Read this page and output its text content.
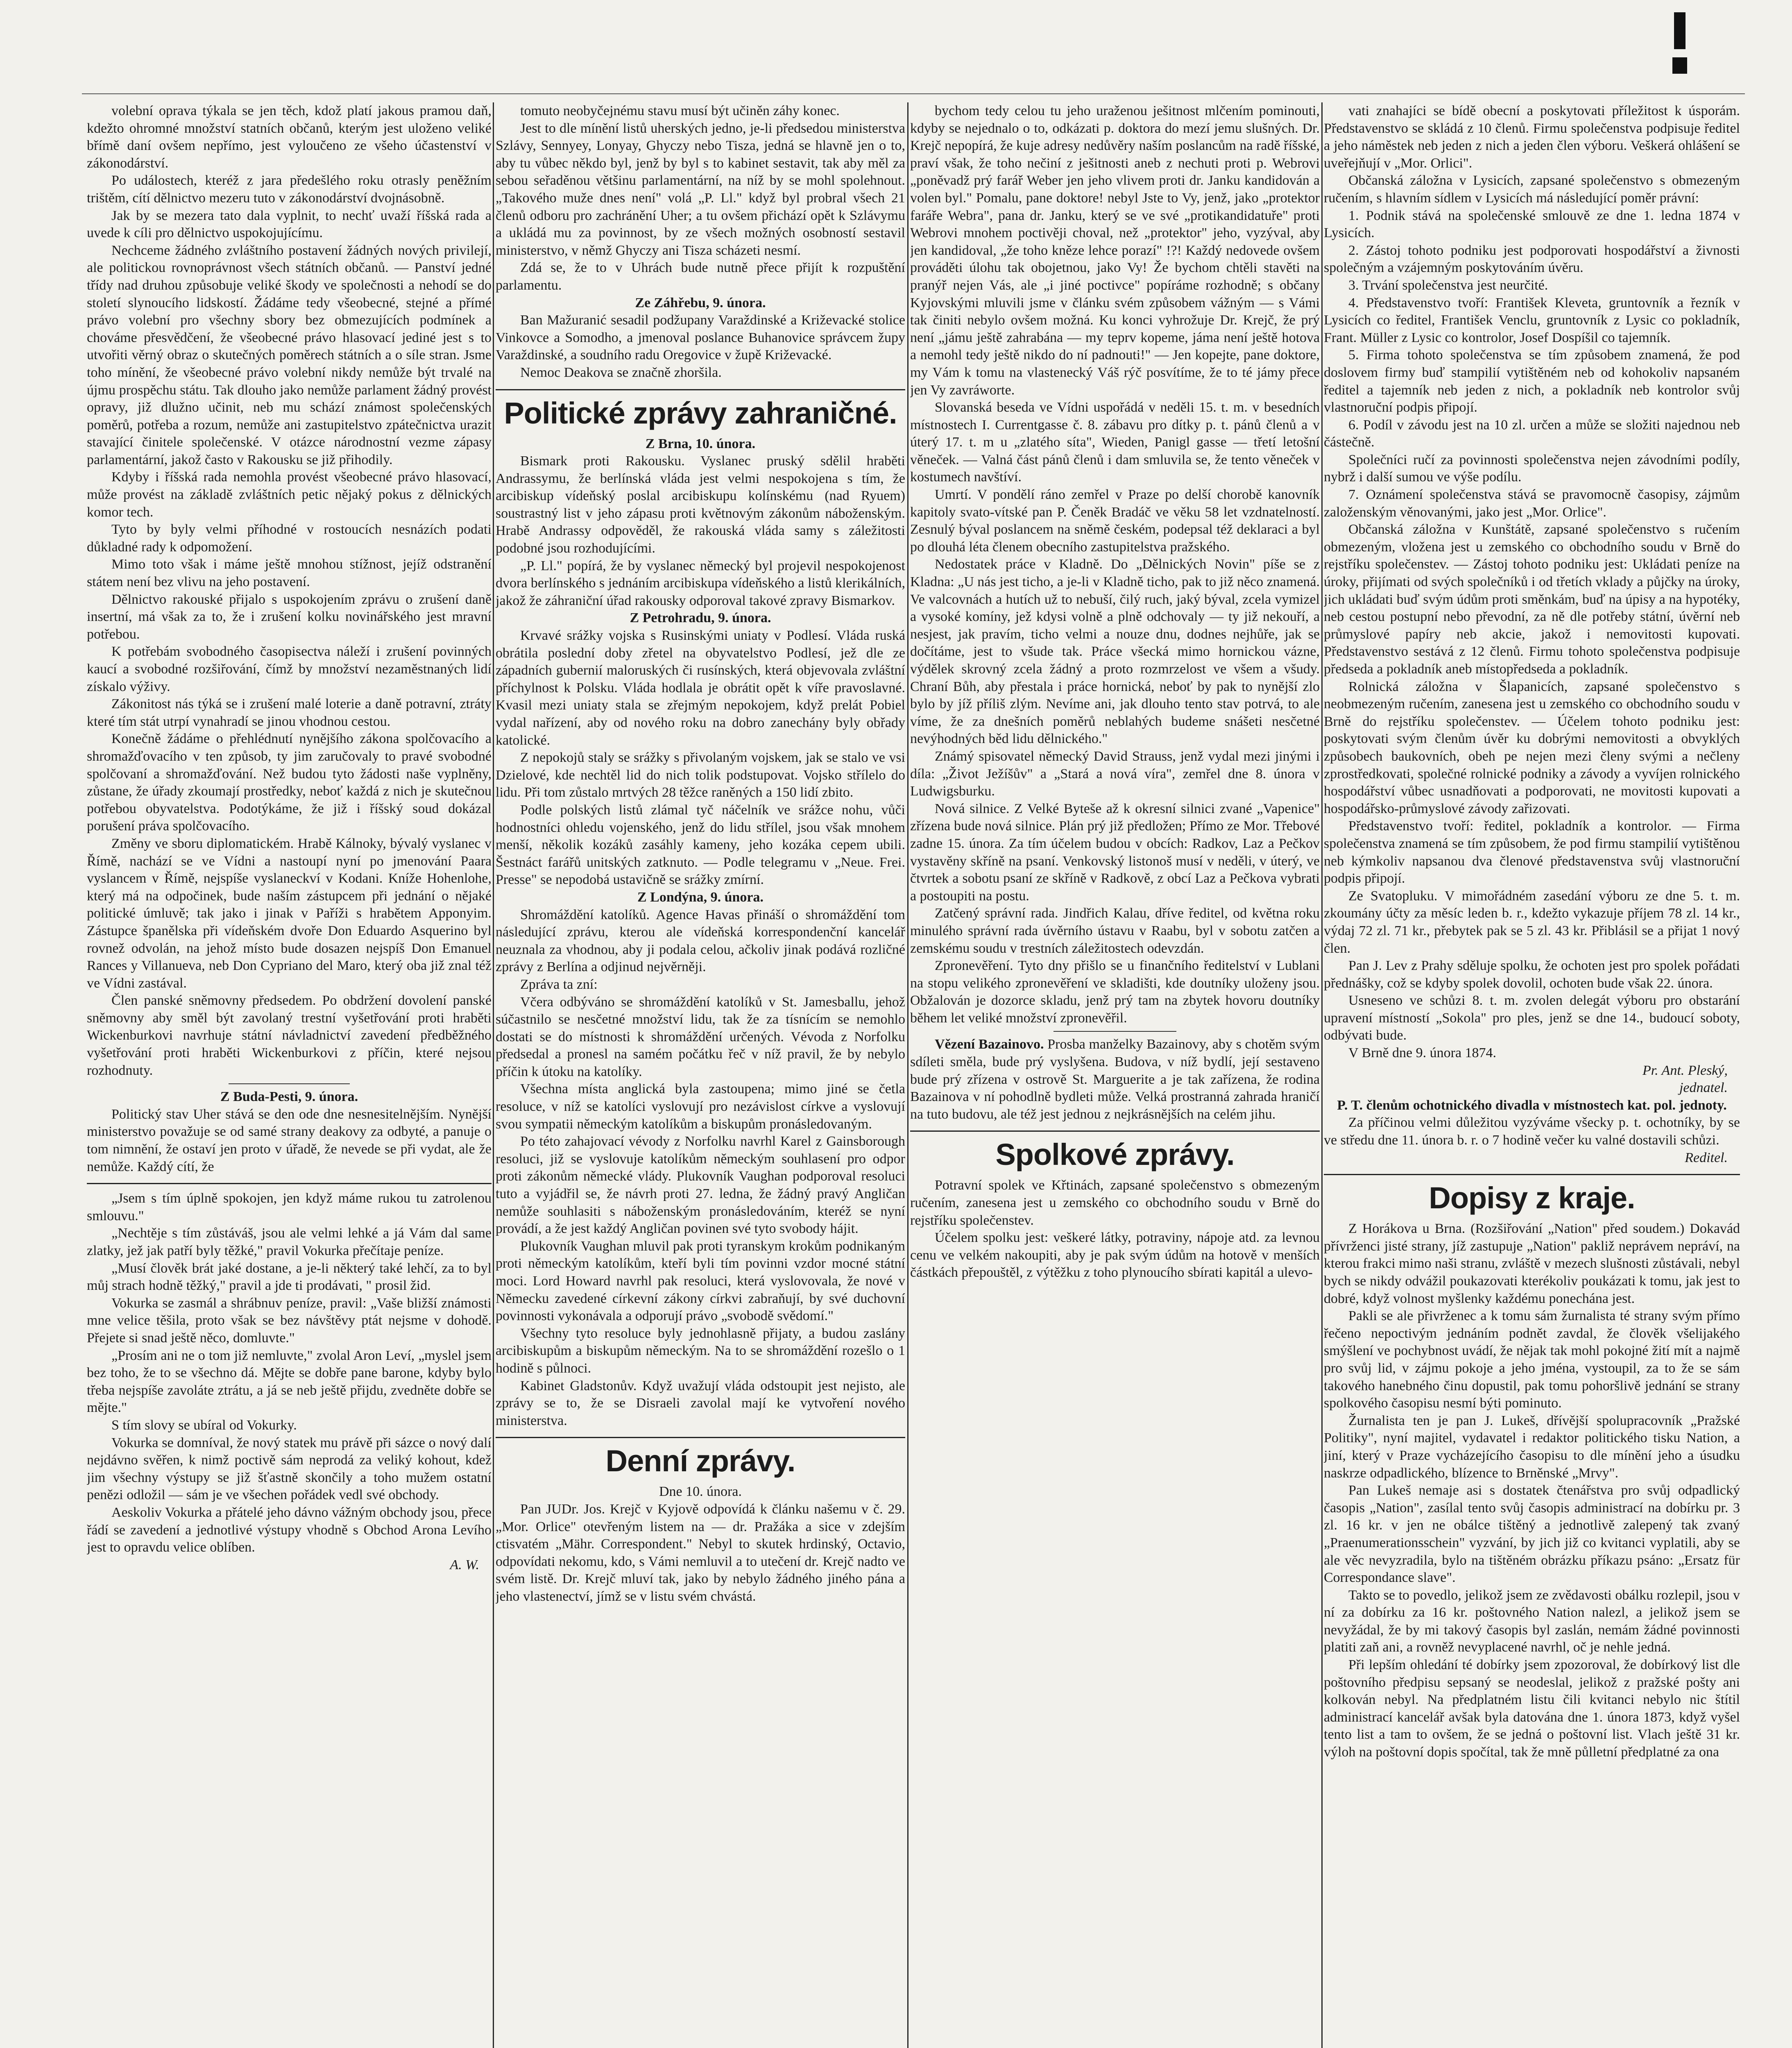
volební oprava týkala se jen těch, kdož platí jakous pramou daň, kdežto ohromné množství statních občanů, kterým jest uloženo veliké břímě daní ovšem nepřímo, jest vyloučeno ze všeho účastenství v zákonodárství.

Po událostech, kteréž z jara předešlého roku otrasly peněžním trištěm, cítí dělnictvo mezeru tuto v zákonodárství dvojnásobně.

Jak by se mezera tato dala vyplnit, to nechť uvaží říšská rada a uvede k cíli pro dělnictvo uspokojujícímu.

Nechceme žádného zvláštního postavení žádných nových privilejí, ale politickou rovnoprávnost všech státních občanů. — Panství jedné třídy nad druhou způsobuje veliké škody ve společnosti a nehodí se do století slynoucího lidskostí. Žádáme tedy všeobecné, stejné a přímé právo volební pro všechny sbory bez obmezujících podmínek a chováme přesvědčení, že všeobecné právo hlasovací jediné jest s to utvořiti věrný obraz o skutečných poměrech státních a o síle stran. Jsme toho mínění, že všeobecné právo volební nikdy nemůže být trvalé na újmu prospěchu státu. Tak dlouho jako nemůže parlament žádný provést opravy, již dlužno učinit, neb mu schází známost společenských poměrů, potřeba a rozum, nemůže ani zastupitelstvo zpátečnictva urazit stavající činitele společenské. V otázce národnostní vezme zápasy parlamentární, jakož často v Rakousku se již přihodily.

Kdyby i říšská rada nemohla provést všeobecné právo hlasovací, může provést na základě zvláštních petic nějaký pokus z dělnických komor tech.

Tyto by byly velmi příhodné v rostoucích nesnázích podati důkladné rady k odpomožení.

Mimo toto však i máme ještě mnohou stížnost, jejíž odstranění státem není bez vlivu na jeho postavení.

Dělnictvo rakouské přijalo s uspokojením zprávu o zrušení daně insertní, má však za to, že i zrušení kolku novinářského jest mravní potřebou.

K potřebám svobodného časopisectva náleží i zrušení povinných kaucí a svobodné rozšiřování, čímž by množství nezaměstnaných lidí získalo výživy.

Zákonitost nás týká se i zrušení malé loterie a daně potravní, ztráty které tím stát utrpí vynahradí se jinou vhodnou cestou.

Konečně žádáme o přehlédnutí nynějšího zákona spolčovacího a shromažďovacího v ten způsob, ty jim zaručovaly to pravé svobodné spolčovaní a shromažďování. Než budou tyto žádosti naše vyplněny, zůstane, že úřady zkoumají prostředky, neboť každá z nich je skutečnou potřebou obyvatelstva. Podotýkáme, že již i říšský soud dokázal porušení práva spolčovacího.

Změny ve sboru diplomatickém. Hrabě Kálnoky, bývalý vyslanec v Římě, nachází se ve Vídni a nastoupí nyní po jmenování Paara vyslancem v Římě, nejspíše vyslaneckví v Kodani. Kníže Hohenlohe, který má na odpočinek, bude naším zástupcem při jednání o nějaké politické úmluvě; tak jako i jinak v Paříži s hrabětem Apponyim. Zástupce španělska při vídeňském dvoře Don Eduardo Asquerino byl rovnež odvolán, na jehož místo bude dosazen nejspíš Don Emanuel Rances y Villanueva, neb Don Cypriano del Maro, který oba již znal též ve Vídni zastával.

Člen panské sněmovny předsedem. Po obdržení dovolení panské sněmovny aby směl být zavolaný trestní vyšetřování proti hraběti Wickenburkovi navrhuje státní návladnictví zavedení předběžného vyšetřování proti hraběti Wickenburkovi z příčin, které nejsou rozhodnuty.

Z Buda-Pesti, 9. února.

Politický stav Uher stává se den ode dne nesnesitelnějším. Nynější ministerstvo považuje se od samé strany deakovy za odbyté, a panuje o tom nimnění, že ostaví jen proto v úřadě, že nevede se při vydat, ale že nemůže. Každý cítí, že

„Jsem s tím úplně spokojen, jen když máme rukou tu zatrolenou smlouvu."

„Nechtěje s tím zůstáváš, jsou ale velmi lehké a já Vám dal same zlatky, jež jak patří byly těžké," pravil Vokurka přečítaje peníze.

„Musí člověk brát jaké dostane, a je-li některý také lehčí, za to byl můj strach hodně těžký," pravil a jde ti prodávati, " prosil žid.

Vokurka se zasmál a shrábnuv peníze, pravil: „Vaše bližší známosti mne velice těšila, proto však se bez návštěvy ptát nejsme v dohodě. Přejete si snad ještě něco, domluvte."

„Prosím ani ne o tom již nemluvte," zvolal Aron Leví, „myslel jsem bez toho, že to se všechno dá. Mějte se dobře pane barone, kdyby bylo třeba nejspíše zavoláte ztrátu, a já se neb ještě přijdu, zvedněte dobře se mějte."

S tím slovy se ubíral od Vokurky.

Vokurka se domníval, že nový statek mu právě při sázce o nový dalí nejdávno svěřen, k nimž poctivě sám neprodá za veliký kohout, kdež jim všechny výstupy se již šťastně skončily a toho mužem ostatní penězi odložil — sám je ve všechen pořádek vedl své obchody.

Aeskoliv Vokurka a přátelé jeho dávno vážným obchody jsou, přece řádí se zavedení a jednotlivé výstupy vhodně s Obchod Arona Levího jest to opravdu velice oblíben.

A. W.

tomuto neobyčejnému stavu musí být učiněn záhy konec.

Jest to dle mínění listů uherských jedno, je-li předsedou ministerstva Szlávy, Sennyey, Lonyay, Ghyczy nebo Tisza, jedná se hlavně jen o to, aby tu vůbec někdo byl, jenž by byl s to kabinet sestavit, tak aby měl za sebou seřaděnou většinu parlamentární, na níž by se mohl spolehnout. „Takového muže dnes není" volá „P. Ll." když byl probral všech 21 členů odboru pro zachránění Uher; a tu ovšem přichází opět k Szlávymu a ukládá mu za povinnost, by ze všech možných osobností sestavil ministerstvo, v němž Ghyczy ani Tisza scházeti nesmí.

Zdá se, že to v Uhrách bude nutně přece přijít k rozpuštění parlamentu.

Ze Záhřebu, 9. února.

Ban Mažuranić sesadil podžupany Varaždinské a Križevacké stolice Vinkovce a Somodho, a jmenoval poslance Buhanovice správcem župy Varaždinské, a soudního radu Oregovice v župě Križevacké.

Nemoc Deakova se značně zhoršila.

Politické zprávy zahraničné.
Z Brna, 10. února.

Bismark proti Rakousku. Vyslanec pruský sdělil hraběti Andrassymu, že berlínská vláda jest velmi nespokojena s tím, že arcibiskup vídeňský poslal arcibiskupu kolínskému (nad Ryuem) soustrastný list v jeho zápasu proti květnovým zákonům náboženským. Hrabě Andrassy odpověděl, že rakouská vláda samy s záležitosti podobné jsou rozhodujícími.

„P. Ll." popírá, že by vyslanec německý byl projevil nespokojenost dvora berlínského s jednáním arcibiskupa vídeňského a listů klerikálních, jakož že záhraniční úřad rakousky odporoval takové zpravy Bismarkov.

Z Petrohradu, 9. února.

Krvavé srážky vojska s Rusinskými uniaty v Podlesí. Vláda ruská obrátila poslední doby zřetel na obyvatelstvo Podlesí, jež dle ze západních gubernií maloruských či rusínských, která objevovala zvláštní příchylnost k Polsku. Vláda hodlala je obrátit opět k víře pravoslavné. Kvasil mezi uniaty stala se zřejmým nepokojem, když prelát Pobiel vydal nařízení, aby od nového roku na dobro zanechány byly obřady katolické.

Z nepokojů staly se srážky s přivolaným vojskem, jak se stalo ve vsi Dzielové, kde nechtěl lid do nich tolik podstupovat. Vojsko střílelo do lidu. Při tom zůstalo mrtvých 28 těžce raněných a 150 lidí zbito.

Podle polských listů zlámal tyč náčelník ve srážce nohu, vůči hodnostníci ohledu vojenského, jenž do lidu střílel, jsou však mnohem menší, několik kozáků zasáhly kameny, jeho kozáka cepem ubili. Šestnáct farářů unitských zatknuto. — Podle telegramu v „Neue. Frei. Presse" se nepodobá ustavičně se srážky zmírní.

Z Londýna, 9. února.

Shromáždění katolíků. Agence Havas přináší o shromáždění tom následující zprávu, kterou ale vídeňská korrespondenční kancelář neuznala za vhodnou, aby ji podala celou, ačkoliv jinak podává rozličné zprávy z Berlína a odjinud nejvěrněji.

Zpráva ta zní:

Včera odbýváno se shromáždění katolíků v St. Jamesballu, jehož súčastnilo se nesčetné množství lidu, tak že za tísnícím se nemohlo dostati se do místnosti k shromáždění určených. Vévoda z Norfolku předsedal a pronesl na samém počátku řeč v níž pravil, že by nebylo příčin k útoku na katolíky.

Všechna místa anglická byla zastoupena; mimo jiné se četla resoluce, v níž se katolíci vyslovují pro nezávislost církve a vyslovují svou sympatii německým katolíkům a biskupům pronásledovaným.

Po této zahajovací vévody z Norfolku navrhl Karel z Gainsborough resoluci, již se vyslovuje katolíkům německým souhlasení pro odpor proti zákonům německé vlády. Plukovník Vaughan podporoval resoluci tuto a vyjádřil se, že návrh proti 27. ledna, že žádný pravý Angličan nemůže souhlasiti s náboženským pronásledováním, kteréž se nyní provádí, a že jest každý Angličan povinen své tyto svobody hájit.

Plukovník Vaughan mluvil pak proti tyranskym krokům podnikaným proti německým katolíkům, kteří byli tím povinni vzdor mocné státní moci. Lord Howard navrhl pak resoluci, která vyslovovala, že nové v Německu zavedené církevní zákony církvi zabraňují, by své duchovní povinnosti vykonávala a odporují právo „svobodě svědomí."

Všechny tyto resoluce byly jednohlasně přijaty, a budou zaslány arcibiskupům a biskupům německým. Na to se shromáždění rozešlo o 1 hodině s půlnoci.

Kabinet Gladstonův. Když uvažují vláda odstoupit jest nejisto, ale zprávy se to, že se Disraeli zavolal mají ke vytvoření nového ministerstva.

Denní zprávy.
Dne 10. února.

Pan JUDr. Jos. Krejč v Kyjově odpovídá k článku našemu v č. 29. „Mor. Orlice" otevřeným listem na — dr. Pražáka a sice v zdejším ctisvatém „Mähr. Correspondent." Nebyl to skutek hrdinský, Octavio, odpovídati nekomu, kdo, s Vámi nemluvil a to utečení dr. Krejč nadto ve svém listě. Dr. Krejč mluví tak, jako by nebylo žádného jiného pána a jeho vlastenectví, jímž se v listu svém chvástá.

bychom tedy celou tu jeho uraženou ješitnost mlčením pominouti, kdyby se nejednalo o to, odkázati p. doktora do mezí jemu slušných. Dr. Krejč nepopírá, že kuje adresy nedůvěry naším poslancům na radě říšské, praví však, že toho nečiní z ješitnosti aneb z nechuti proti p. Webrovi „poněvadž prý farář Weber jen jeho vlivem proti dr. Janku kandidován a volen byl." Pomalu, pane doktore! nebyl Jste to Vy, jenž, jako „protektor faráře Webra", pana dr. Janku, který se ve své „protikandidatuře" proti Webrovi mnohem poctivěji choval, než „protektor" jeho, vyzýval, aby jen kandidoval, „že toho kněze lehce porazí" !?! Každý nedovede ovšem prováděti úlohu tak obojetnou, jako Vy! Že bychom chtěli stavěti na pranýř nejen Vás, ale „i jiné poctivce" popíráme rozhodně; s občany Kyjovskými mluvili jsme v článku svém způsobem vážným — s Vámi tak činiti nebylo ovšem možná. Ku konci vyhrožuje Dr. Krejč, že prý není „jámu ještě zahrabána — my teprv kopeme, jáma není ještě hotova a nemohl tedy ještě nikdo do ní padnouti!" — Jen kopejte, pane doktore, my Vám k tomu na vlastenecký Váš rýč posvítíme, že to té jámy přece jen Vy zavráworte.

Slovanská beseda ve Vídni uspořádá v neděli 15. t. m. v besedních místnostech I. Currentgasse č. 8. zábavu pro dítky p. t. pánů členů a v úterý 17. t. m u „zlatého síta", Wieden, Panigl gasse — třetí letošní věneček. — Valná část pánů členů i dam smluvila se, že tento věneček v kostumech navštíví.

Umrtí. V pondělí ráno zemřel v Praze po delší chorobě kanovník kapitoly svato-vítské pan P. Čeněk Bradáč ve věku 58 let vzdnatelností. Zesnulý býval poslancem na sněmě českém, podepsal též deklaraci a byl po dlouhá léta členem obecního zastupitelstva pražského.

Nedostatek práce v Kladně. Do „Dělnických Novin" píše se z Kladna: „U nás jest ticho, a je-li v Kladně ticho, pak to již něco znamená. Ve valcovnách a hutích už to nebuší, čilý ruch, jaký býval, zcela vymizel a vysoké komíny, jež kdysi volně a plně odchovaly — ty již nekouří, a nesjest, jak pravím, ticho velmi a nouze dnu, dodnes nejhůře, jak se dočítáme, jest to všude tak. Práce všecká mimo hornickou vázne, výdělek skrovný zcela žádný a proto rozmrzelost ve všem a všudy. Chraní Bůh, aby přestala i práce hornická, neboť by pak to nynější zlo bylo by jíž příliš zlým. Nevíme ani, jak dlouho tento stav potrvá, to ale víme, že za dnešních poměrů neblahých budeme snášeti nesčetné nevýhodných běd lidu dělnického."

Známý spisovatel německý David Strauss, jenž vydal mezi jinými i díla: „Život Ježíšův" a „Stará a nová víra", zemřel dne 8. února v Ludwigsburku.

Nová silnice. Z Velké Byteše až k okresní silnici zvané „Vapenice" zřízena bude nová silnice. Plán prý již předložen; Přímo ze Mor. Třebové zadne 15. února. Za tím účelem budou v obcích: Radkov, Laz a Pečkov vystavěny skříně na psaní. Venkovský listonoš musí v neděli, v úterý, ve čtvrtek a sobotu psaní ze skříně v Radkově, z obcí Laz a Pečkova vybrati a postoupiti na postu.

Zatčený správní rada. Jindřich Kalau, dříve ředitel, od května roku minulého správní rada úvěrního ústavu v Raabu, byl v sobotu zatčen a zemskému soudu v trestních záležitostech odevzdán.

Zpronevěření. Tyto dny přišlo se u finančního ředitelství v Lublani na stopu velikého zpronevěření ve skladišti, kde doutníky uloženy jsou. Obžalován je dozorce skladu, jenž prý tam na zbytek hovoru doutníky během let veliké množství zpronevěřil.

Vězení Bazainovo. Prosba manželky Bazainovy, aby s chotěm svým sdíleti směla, bude prý vyslyšena. Budova, v níž bydlí, její sestaveno bude prý zřízena v ostrově St. Marguerite a je tak zařízena, že rodina Bazainova v ní pohodlně bydleti může. Velká prostranná zahrada hraničí na tuto budovu, ale též jest jednou z nejkrásnějších na celém jihu.

Spolkové zprávy.

Potravní spolek ve Křtinách, zapsané společenstvo s obmezeným ručením, zanesena jest u zemského co obchodního soudu v Brně do rejstříku společenstev.

Účelem spolku jest: veškeré látky, potraviny, nápoje atd. za levnou cenu ve velkém nakoupiti, aby je pak svým údům na hotově v menších částkách přepouštěl, z výtěžku z toho plynoucího sbírati kapitál a ulevo-

vati znahajíci se bídě obecní a poskytovati příležitost k úsporám. Představenstvo se skládá z 10 členů. Firmu společenstva podpisuje ředitel a jeho náměstek neb jeden z nich a jeden člen výboru. Veškerá ohlášení se uveřejňují v „Mor. Orlici".

Občanská záložna v Lysicích, zapsané společenstvo s obmezeným ručením, s hlavním sídlem v Lysicích má následující poměr právní:

1. Podnik stává na společenské smlouvě ze dne 1. ledna 1874 v Lysicích.

2. Zástoj tohoto podniku jest podporovati hospodářství a živnosti společným a vzájemným poskytováním úvěru.

3. Trvání společenstva jest neurčité.

4. Představenstvo tvoří: František Kleveta, gruntovník a řezník v Lysicích co ředitel, František Venclu, gruntovník z Lysic co pokladník, Frant. Müller z Lysic co kontrolor, Josef Dospíšil co tajemník.

5. Firma tohoto společenstva se tím způsobem znamená, že pod doslovem firmy buď stampilií vytištěném neb od kohokoliv napsaném ředitel a tajemník neb jeden z nich, a pokladník neb kontrolor svůj vlastnoruční podpis připojí.

6. Podíl v závodu jest na 10 zl. určen a může se složiti najednou neb částečně.

Společníci ručí za povinnosti společenstva nejen závodními podíly, nybrž i další sumou ve výše podílu.

7. Oznámení společenstva stává se pravomocně časopisy, zájmům založenským věnovanými, jako jest „Mor. Orlice".

Občanská záložna v Kunštátě, zapsané společenstvo s ručením obmezeným, vložena jest u zemského co obchodního soudu v Brně do rejstříku společenstev. — Zástoj tohoto podniku jest: Ukládati peníze na úroky, přijímati od svých společníků i od třetích vklady a půjčky na úroky, jich ukládati buď svým údům proti směnkám, buď na úpisy a na hypotéky, neb cestou postupní nebo převodní, za ně dle potřeby státní, úvěrní neb průmyslové papíry neb akcie, jakož i nemovitosti kupovati. Představenstvo sestává z 12 členů. Firmu tohoto společenstva podpisuje předseda a pokladník aneb místopředseda a pokladník.

Rolnická záložna v Šlapanicích, zapsané společenstvo s neobmezeným ručením, zanesena jest u zemského co obchodního soudu v Brně do rejstříku společenstev. — Účelem tohoto podniku jest: poskytovati svým členům úvěr ku dobrými nemovitosti a obvyklých způsobech baukovních, obeh pe nejen mezi členy svými a nečleny zprostředkovati, společné rolnické podniky a závody a vyvíjen rolnického hospodářství vůbec usnadňovati a podporovati, ne movitosti kupovati a hospodářsko-průmyslové závody zařizovati.

Představenstvo tvoří: ředitel, pokladník a kontrolor. — Firma společenstva znamená se tím způsobem, že pod firmu stampilií vytištěnou neb kýmkoliv napsanou dva členové představenstva svůj vlastnoruční podpis připojí.

Ze Svatopluku. V mimořádném zasedání výboru ze dne 5. t. m. zkoumány účty za měsíc leden b. r., kdežto vykazuje příjem 78 zl. 14 kr., výdaj 72 zl. 71 kr., přebytek pak se 5 zl. 43 kr. Přiblásil se a přijat 1 nový člen.

Pan J. Lev z Prahy sděluje spolku, že ochoten jest pro spolek pořádati přednášky, což se kdyby spolek dovolil, ochoten bude však 22. února.

Usneseno ve schůzi 8. t. m. zvolen delegát výboru pro obstarání upravení místností „Sokola" pro ples, jenž se dne 14., budoucí soboty, odbývati bude.

V Brně dne 9. února 1874.

Pr. Ant. Pleský,
jednatel.
P. T. členům ochotnického divadla v místnostech kat. pol. jednoty.

Za příčinou velmi důležitou vyzýváme všecky p. t. ochotníky, by se ve středu dne 11. února b. r. o 7 hodině večer ku valné dostavili schůzi.

Reditel.
Dopisy z kraje.

Z Horákova u Brna. (Rozšiřování „Nation" před soudem.) Dokavád přívrženci jisté strany, jíž zastupuje „Nation" pakliž neprávem nepráví, na kterou frakci mimo naši stranu, zvláště v mezech slušnosti zůstávali, nebyl bych se nikdy odvážil poukazovati kterékoliv poukázati k tomu, jak jest to dobré, když volnost myšlenky každému ponechána jest.

Pakli se ale přivrženec a k tomu sám žurnalista té strany svým přímo řečeno nepoctivým jednáním podnět zavdal, že člověk všelijakého smýšlení ve pochybnost uvádí, že nějak tak mohl pokojné žití mít a najmě pro svůj lid, v zájmu pokoje a jeho jména, vystoupil, za to že se sám takového hanebného činu dopustil, pak tomu pohoršlivě jednání se strany spolkového časopisu nesmí býti pominuto.

Žurnalista ten je pan J. Lukeš, dřívější spolupracovník „Pražské Politiky", nyní majitel, vydavatel i redaktor politického tisku Nation, a jiní, který v Praze vycházejícího časopisu to dle mínění jeho a úsudku naskrze odpadlického, blízence to Brněnské „Mrvy".

Pan Lukeš nemaje asi s dostatek čtenářstva pro svůj odpadlický časopis „Nation", zasílal tento svůj časopis administrací na dobírku pr. 3 zl. 16 kr. v jen ne obálce tištěný a jednotlivě zalepený tak zvaný „Praenumerationsschein" vyzvání, by jich již co kvitanci vyplatili, aby se ale věc nevyzradila, bylo na tištěném obrázku příkazu psáno: „Ersatz für Correspondance slave".

Takto se to povedlo, jelikož jsem ze zvědavosti obálku rozlepil, jsou v ní za dobírku za 16 kr. poštovného Nation nalezl, a jelikož jsem se nevyžádal, že by mi takový časopis byl zaslán, nemám žádné povinnosti platiti zaň ani, a rovněž nevyplacené navrhl, oč je nehle jedná.

Při lepším ohledání té dobírky jsem zpozoroval, že dobírkový list dle poštovního předpisu sepsaný se neodeslal, jelikož z pražské pošty ani kolkován nebyl. Na předplatném listu čili kvitanci nebylo nic štítil administrací kancelář avšak byla datována dne 1. února 1873, když vyšel tento list a tam to ovšem, že se jedná o poštovní list. Vlach ještě 31 kr. výloh na poštovní dopis spočítal, tak že mně půlletní předplatné za ona
